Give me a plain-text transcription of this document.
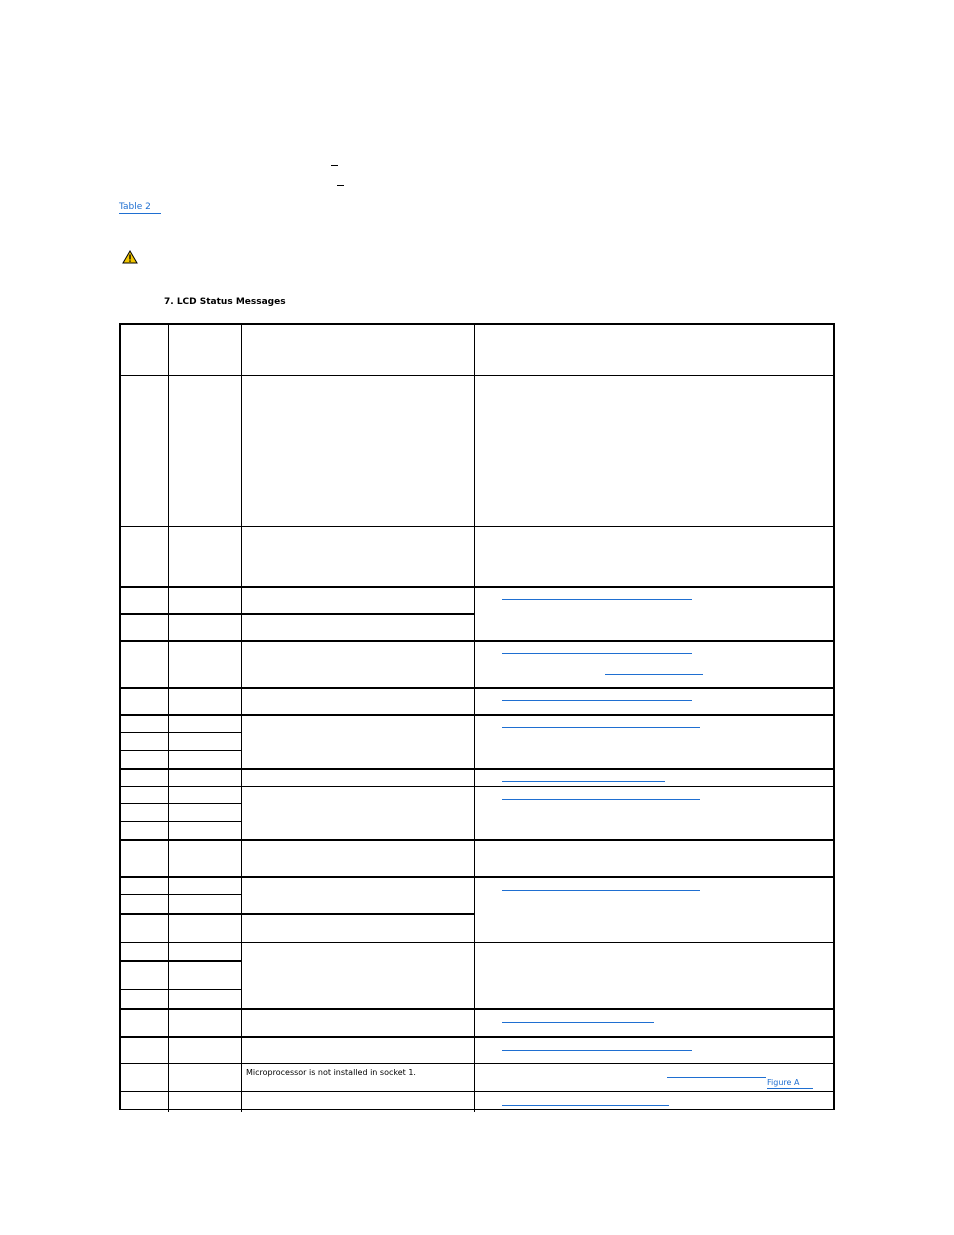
Table 2
7. LCD Status Messages
Microprocessor is not installed in socket 1.
Figure A
